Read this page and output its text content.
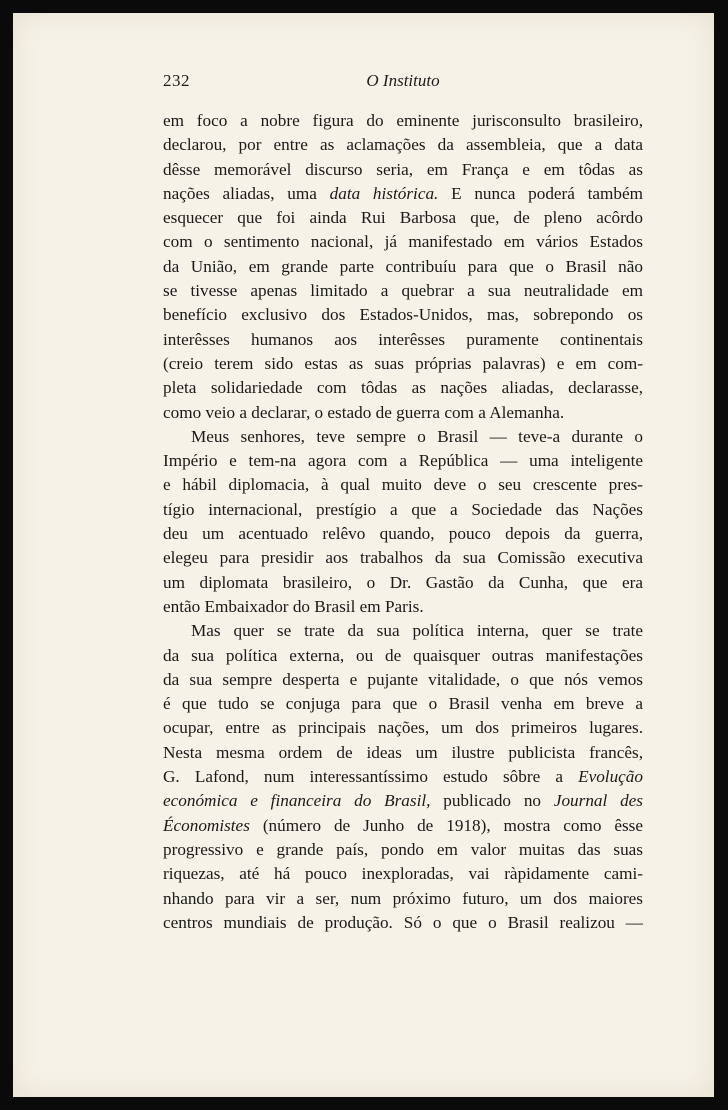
232	O Instituto
em foco a nobre figura do eminente jurisconsulto brasileiro,
declarou, por entre as aclamações da assembleia, que a data
dêsse memorável discurso seria, em França e em tôdas as
nações aliadas, uma data histórica. E nunca poderá também
esquecer que foi ainda Rui Barbosa que, de pleno acôrdo
com o sentimento nacional, já manifestado em vários Estados
da União, em grande parte contribuíu para que o Brasil não
se tivesse apenas limitado a quebrar a sua neutralidade em
benefício exclusivo dos Estados-Unidos, mas, sobrepondo os
interêsses humanos aos interêsses puramente continentais
(creio terem sido estas as suas próprias palavras) e em com-
pleta solidariedade com tôdas as nações aliadas, declarasse,
como veio a declarar, o estado de guerra com a Alemanha.
Meus senhores, teve sempre o Brasil — teve-a durante o
Império e tem-na agora com a República — uma inteligente
e hábil diplomacia, à qual muito deve o seu crescente pres-
tígio internacional, prestígio a que a Sociedade das Nações
deu um acentuado relêvo quando, pouco depois da guerra,
elegeu para presidir aos trabalhos da sua Comissão executiva
um diplomata brasileiro, o Dr. Gastão da Cunha, que era
então Embaixador do Brasil em Paris.
Mas quer se trate da sua política interna, quer se trate
da sua política externa, ou de quaisquer outras manifestações
da sua sempre desperta e pujante vitalidade, o que nós vemos
é que tudo se conjuga para que o Brasil venha em breve a
ocupar, entre as principais nações, um dos primeiros lugares.
Nesta mesma ordem de ideas um ilustre publicista francês,
G. Lafond, num interessantíssimo estudo sôbre a Evolução
económica e financeira do Brasil, publicado no Journal des
Économistes (número de Junho de 1918), mostra como êsse
progressivo e grande país, pondo em valor muitas das suas
riquezas, até há pouco inexploradas, vai ràpidamente cami-
nhando para vir a ser, num próximo futuro, um dos maiores
centros mundiais de produção. Só o que o Brasil realizou —
